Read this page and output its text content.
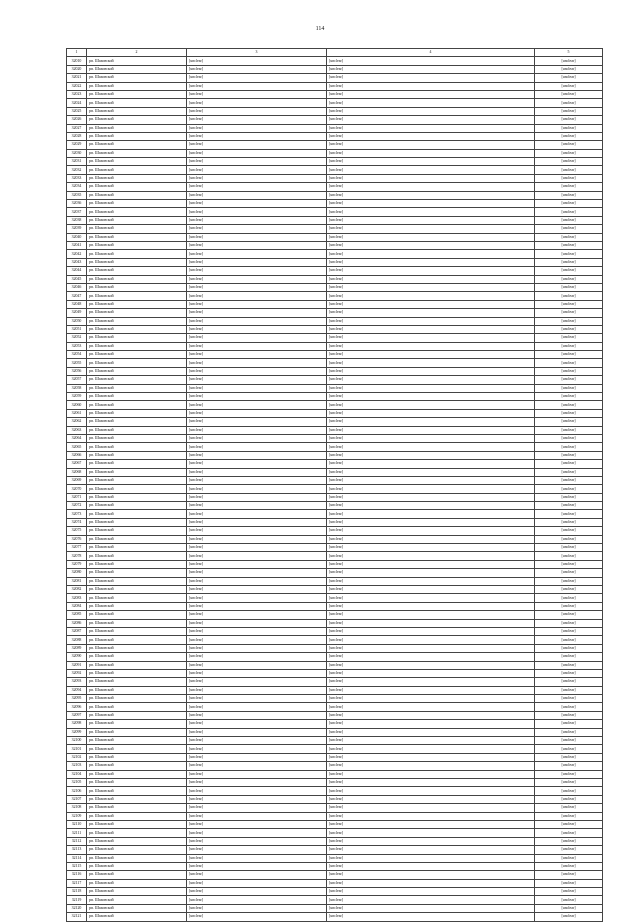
114
1	2	3	4	5
32010	рп. Шаховской	[unclear]	[unclear]	[unclear]
32020	рп. Шаховской	[unclear]	[unclear]	[unclear]
32021	рп. Шаховской	[unclear]	[unclear]	[unclear]
32022	рп. Шаховской	[unclear]	[unclear]	[unclear]
32023	рп. Шаховской	[unclear]	[unclear]	[unclear]
32024	рп. Шаховской	[unclear]	[unclear]	[unclear]
32025	рп. Шаховской	[unclear]	[unclear]	[unclear]
32026	рп. Шаховской	[unclear]	[unclear]	[unclear]
32027	рп. Шаховской	[unclear]	[unclear]	[unclear]
32028	рп. Шаховской	[unclear]	[unclear]	[unclear]
32029	рп. Шаховской	[unclear]	[unclear]	[unclear]
32030	рп. Шаховской	[unclear]	[unclear]	[unclear]
32031	рп. Шаховской	[unclear]	[unclear]	[unclear]
32032	рп. Шаховской	[unclear]	[unclear]	[unclear]
32033	рп. Шаховской	[unclear]	[unclear]	[unclear]
32034	рп. Шаховской	[unclear]	[unclear]	[unclear]
32035	рп. Шаховской	[unclear]	[unclear]	[unclear]
32036	рп. Шаховской	[unclear]	[unclear]	[unclear]
32037	рп. Шаховской	[unclear]	[unclear]	[unclear]
32038	рп. Шаховской	[unclear]	[unclear]	[unclear]
32039	рп. Шаховской	[unclear]	[unclear]	[unclear]
32040	рп. Шаховской	[unclear]	[unclear]	[unclear]
32041	рп. Шаховской	[unclear]	[unclear]	[unclear]
32042	рп. Шаховской	[unclear]	[unclear]	[unclear]
32043	рп. Шаховской	[unclear]	[unclear]	[unclear]
32044	рп. Шаховской	[unclear]	[unclear]	[unclear]
32045	рп. Шаховской	[unclear]	[unclear]	[unclear]
32046	рп. Шаховской	[unclear]	[unclear]	[unclear]
32047	рп. Шаховской	[unclear]	[unclear]	[unclear]
32048	рп. Шаховской	[unclear]	[unclear]	[unclear]
32049	рп. Шаховской	[unclear]	[unclear]	[unclear]
32050	рп. Шаховской	[unclear]	[unclear]	[unclear]
32051	рп. Шаховской	[unclear]	[unclear]	[unclear]
32052	рп. Шаховской	[unclear]	[unclear]	[unclear]
32053	рп. Шаховской	[unclear]	[unclear]	[unclear]
32054	рп. Шаховской	[unclear]	[unclear]	[unclear]
32055	рп. Шаховской	[unclear]	[unclear]	[unclear]
32056	рп. Шаховской	[unclear]	[unclear]	[unclear]
32057	рп. Шаховской	[unclear]	[unclear]	[unclear]
32058	рп. Шаховской	[unclear]	[unclear]	[unclear]
32059	рп. Шаховской	[unclear]	[unclear]	[unclear]
32060	рп. Шаховской	[unclear]	[unclear]	[unclear]
32061	рп. Шаховской	[unclear]	[unclear]	[unclear]
32062	рп. Шаховской	[unclear]	[unclear]	[unclear]
32063	рп. Шаховской	[unclear]	[unclear]	[unclear]
32064	рп. Шаховской	[unclear]	[unclear]	[unclear]
32065	рп. Шаховской	[unclear]	[unclear]	[unclear]
32066	рп. Шаховской	[unclear]	[unclear]	[unclear]
32067	рп. Шаховской	[unclear]	[unclear]	[unclear]
32068	рп. Шаховской	[unclear]	[unclear]	[unclear]
32069	рп. Шаховской	[unclear]	[unclear]	[unclear]
32070	рп. Шаховской	[unclear]	[unclear]	[unclear]
32071	рп. Шаховской	[unclear]	[unclear]	[unclear]
32072	рп. Шаховской	[unclear]	[unclear]	[unclear]
32073	рп. Шаховской	[unclear]	[unclear]	[unclear]
32074	рп. Шаховской	[unclear]	[unclear]	[unclear]
32075	рп. Шаховской	[unclear]	[unclear]	[unclear]
32076	рп. Шаховской	[unclear]	[unclear]	[unclear]
32077	рп. Шаховской	[unclear]	[unclear]	[unclear]
32078	рп. Шаховской	[unclear]	[unclear]	[unclear]
32079	рп. Шаховской	[unclear]	[unclear]	[unclear]
32080	рп. Шаховской	[unclear]	[unclear]	[unclear]
32081	рп. Шаховской	[unclear]	[unclear]	[unclear]
32082	рп. Шаховской	[unclear]	[unclear]	[unclear]
32083	рп. Шаховской	[unclear]	[unclear]	[unclear]
32084	рп. Шаховской	[unclear]	[unclear]	[unclear]
32085	рп. Шаховской	[unclear]	[unclear]	[unclear]
32086	рп. Шаховской	[unclear]	[unclear]	[unclear]
32087	рп. Шаховской	[unclear]	[unclear]	[unclear]
32088	рп. Шаховской	[unclear]	[unclear]	[unclear]
32089	рп. Шаховской	[unclear]	[unclear]	[unclear]
32090	рп. Шаховской	[unclear]	[unclear]	[unclear]
32091	рп. Шаховской	[unclear]	[unclear]	[unclear]
32092	рп. Шаховской	[unclear]	[unclear]	[unclear]
32093	рп. Шаховской	[unclear]	[unclear]	[unclear]
32094	рп. Шаховской	[unclear]	[unclear]	[unclear]
32095	рп. Шаховской	[unclear]	[unclear]	[unclear]
32096	рп. Шаховской	[unclear]	[unclear]	[unclear]
32097	рп. Шаховской	[unclear]	[unclear]	[unclear]
32098	рп. Шаховской	[unclear]	[unclear]	[unclear]
32099	рп. Шаховской	[unclear]	[unclear]	[unclear]
32100	рп. Шаховской	[unclear]	[unclear]	[unclear]
32101	рп. Шаховской	[unclear]	[unclear]	[unclear]
32102	рп. Шаховской	[unclear]	[unclear]	[unclear]
32103	рп. Шаховской	[unclear]	[unclear]	[unclear]
32104	рп. Шаховской	[unclear]	[unclear]	[unclear]
32105	рп. Шаховской	[unclear]	[unclear]	[unclear]
32106	рп. Шаховской	[unclear]	[unclear]	[unclear]
32107	рп. Шаховской	[unclear]	[unclear]	[unclear]
32108	рп. Шаховской	[unclear]	[unclear]	[unclear]
32109	рп. Шаховской	[unclear]	[unclear]	[unclear]
32110	рп. Шаховской	[unclear]	[unclear]	[unclear]
32111	рп. Шаховской	[unclear]	[unclear]	[unclear]
32112	рп. Шаховской	[unclear]	[unclear]	[unclear]
32113	рп. Шаховской	[unclear]	[unclear]	[unclear]
32114	рп. Шаховской	[unclear]	[unclear]	[unclear]
32115	рп. Шаховской	[unclear]	[unclear]	[unclear]
32116	рп. Шаховской	[unclear]	[unclear]	[unclear]
32117	рп. Шаховской	[unclear]	[unclear]	[unclear]
32118	рп. Шаховской	[unclear]	[unclear]	[unclear]
32119	рп. Шаховской	[unclear]	[unclear]	[unclear]
32120	рп. Шаховской	[unclear]	[unclear]	[unclear]
32121	рп. Шаховской	[unclear]	[unclear]	[unclear]
